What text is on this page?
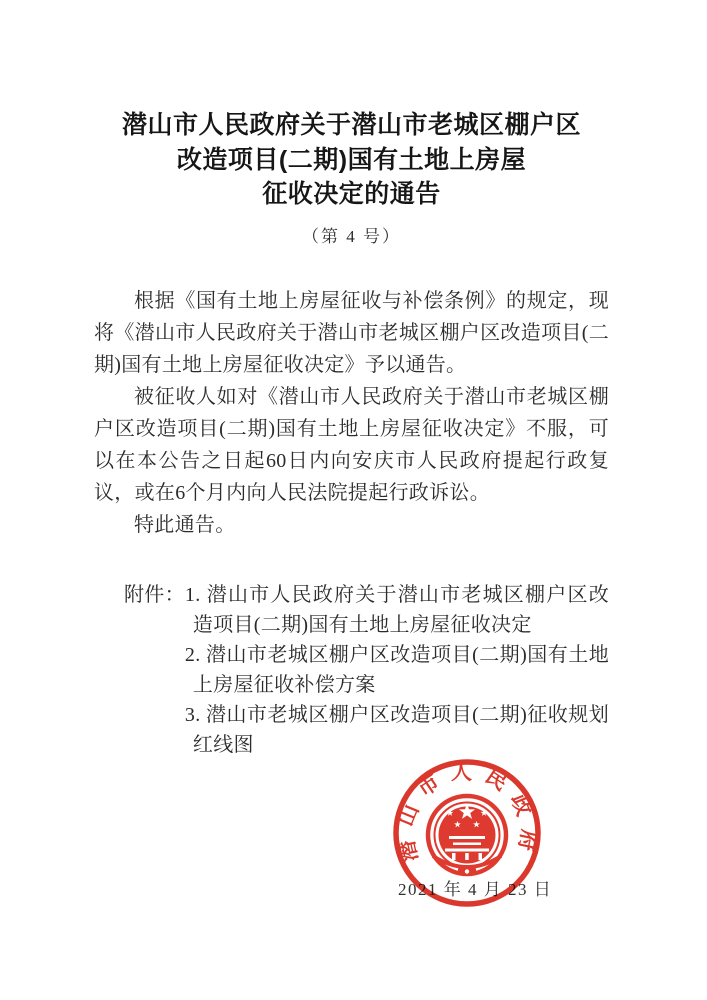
潜山市人民政府关于潜山市老城区棚户区
改造项目(二期)国有土地上房屋
征收决定的通告
（第 4 号）

根据《国有土地上房屋征收与补偿条例》的规定，现将《潜山市人民政府关于潜山市老城区棚户区改造项目(二期)国有土地上房屋征收决定》予以通告。

被征收人如对《潜山市人民政府关于潜山市老城区棚户区改造项目(二期)国有土地上房屋征收决定》不服，可以在本公告之日起60日内向安庆市人民政府提起行政复议，或在6个月内向人民法院提起行政诉讼。

特此通告。

附件： 1. 潜山市人民政府关于潜山市老城区棚户区改造项目(二期)国有土地上房屋征收决定
2. 潜山市老城区棚户区改造项目(二期)国有土地上房屋征收补偿方案
3. 潜山市老城区棚户区改造项目(二期)征收规划红线图
2021 年 4 月 23 日
潜山市人民政府
